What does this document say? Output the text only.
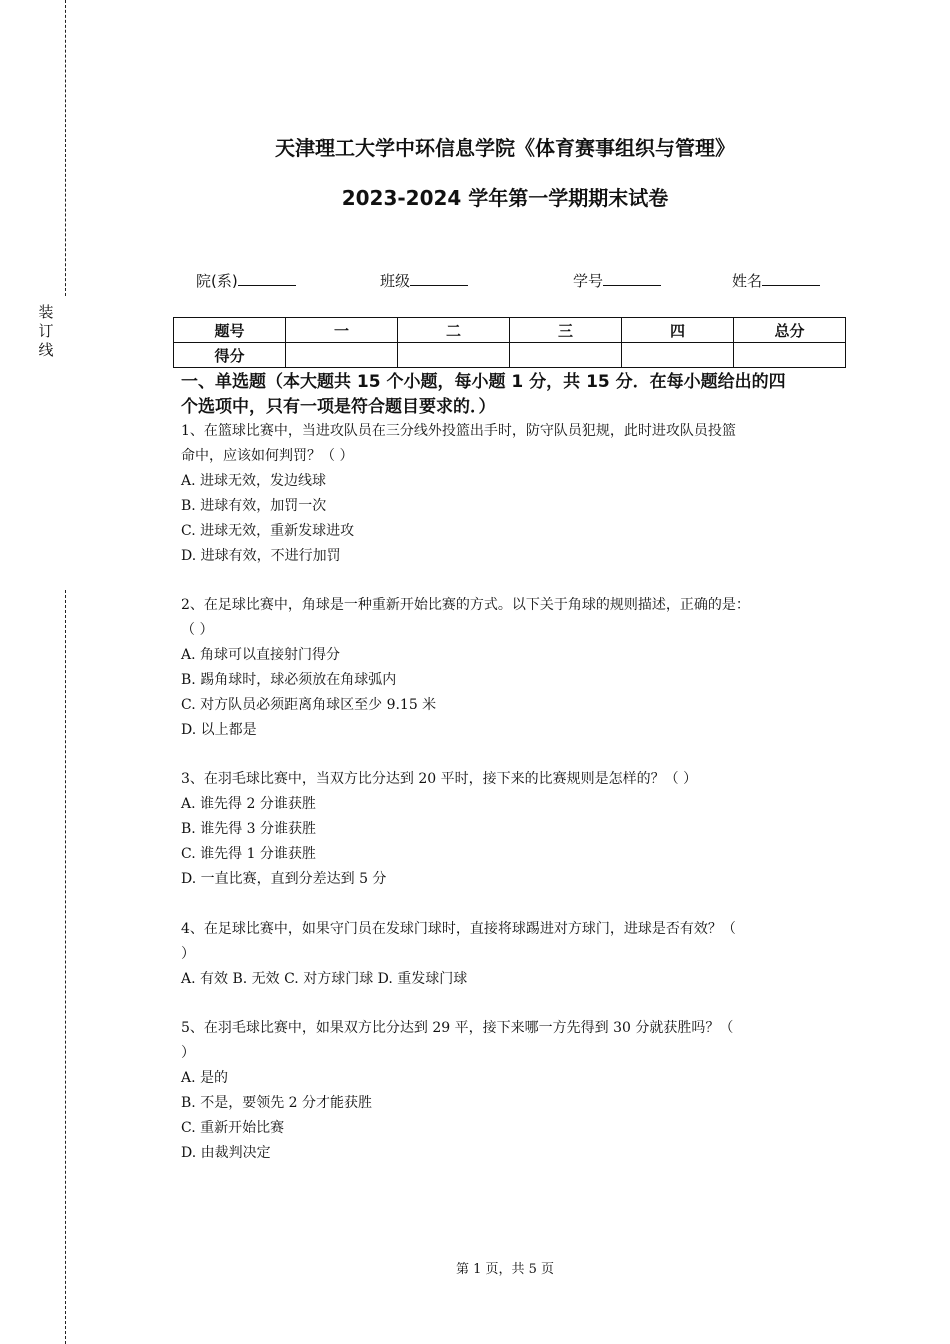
装
订
线
天津理工大学中环信息学院《体育赛事组织与管理》
2023-2024 学年第一学期期末试卷
院(系)	班级	学号	姓名
题号	一	二	三	四	总分
得分					

一、单选题（本大题共 15 个小题，每小题 1 分，共 15 分．在每小题给出的四

个选项中，只有一项是符合题目要求的．）

1、在篮球比赛中，当进攻队员在三分线外投篮出手时，防守队员犯规，此时进攻队员投篮

命中，应该如何判罚？（ ）

A. 进球无效，发边线球

B. 进球有效，加罚一次

C. 进球无效，重新发球进攻

D. 进球有效，不进行加罚

2、在足球比赛中，角球是一种重新开始比赛的方式。以下关于角球的规则描述，正确的是：

（ ）

A. 角球可以直接射门得分

B. 踢角球时，球必须放在角球弧内

C. 对方队员必须距离角球区至少 9.15 米

D. 以上都是

3、在羽毛球比赛中，当双方比分达到 20 平时，接下来的比赛规则是怎样的？（ ）

A. 谁先得 2 分谁获胜

B. 谁先得 3 分谁获胜

C. 谁先得 1 分谁获胜

D. 一直比赛，直到分差达到 5 分

4、在足球比赛中，如果守门员在发球门球时，直接将球踢进对方球门，进球是否有效？（

）

A. 有效 B. 无效 C. 对方球门球 D. 重发球门球

5、在羽毛球比赛中，如果双方比分达到 29 平，接下来哪一方先得到 30 分就获胜吗？（

）

A. 是的

B. 不是，要领先 2 分才能获胜

C. 重新开始比赛

D. 由裁判决定

第 1 页，共 5 页
